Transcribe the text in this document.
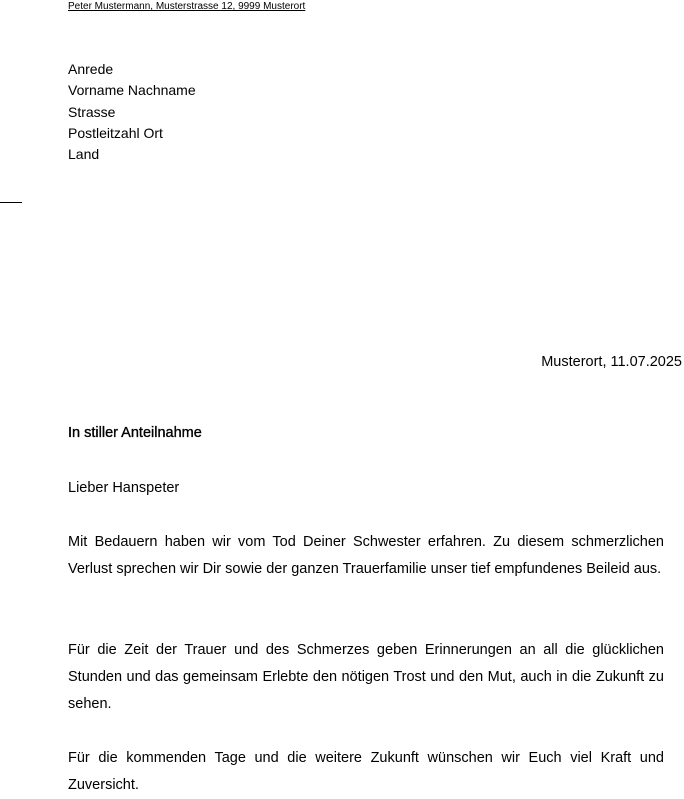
Peter Mustermann, Musterstrasse 12, 9999 Musterort
Anrede
Vorname Nachname
Strasse
Postleitzahl Ort
Land
Musterort, 11.07.2025
In stiller Anteilnahme
Lieber Hanspeter

Mit Bedauern haben wir vom Tod Deiner Schwester erfahren. Zu diesem schmerzlichen Verlust sprechen wir Dir sowie der ganzen Trauerfamilie unser tief empfundenes Beileid aus.

Für die Zeit der Trauer und des Schmerzes geben Erinnerungen an all die glücklichen Stunden und das gemeinsam Erlebte den nötigen Trost und den Mut, auch in die Zukunft zu sehen.

Für die kommenden Tage und die weitere Zukunft wünschen wir Euch viel Kraft und Zuversicht.
